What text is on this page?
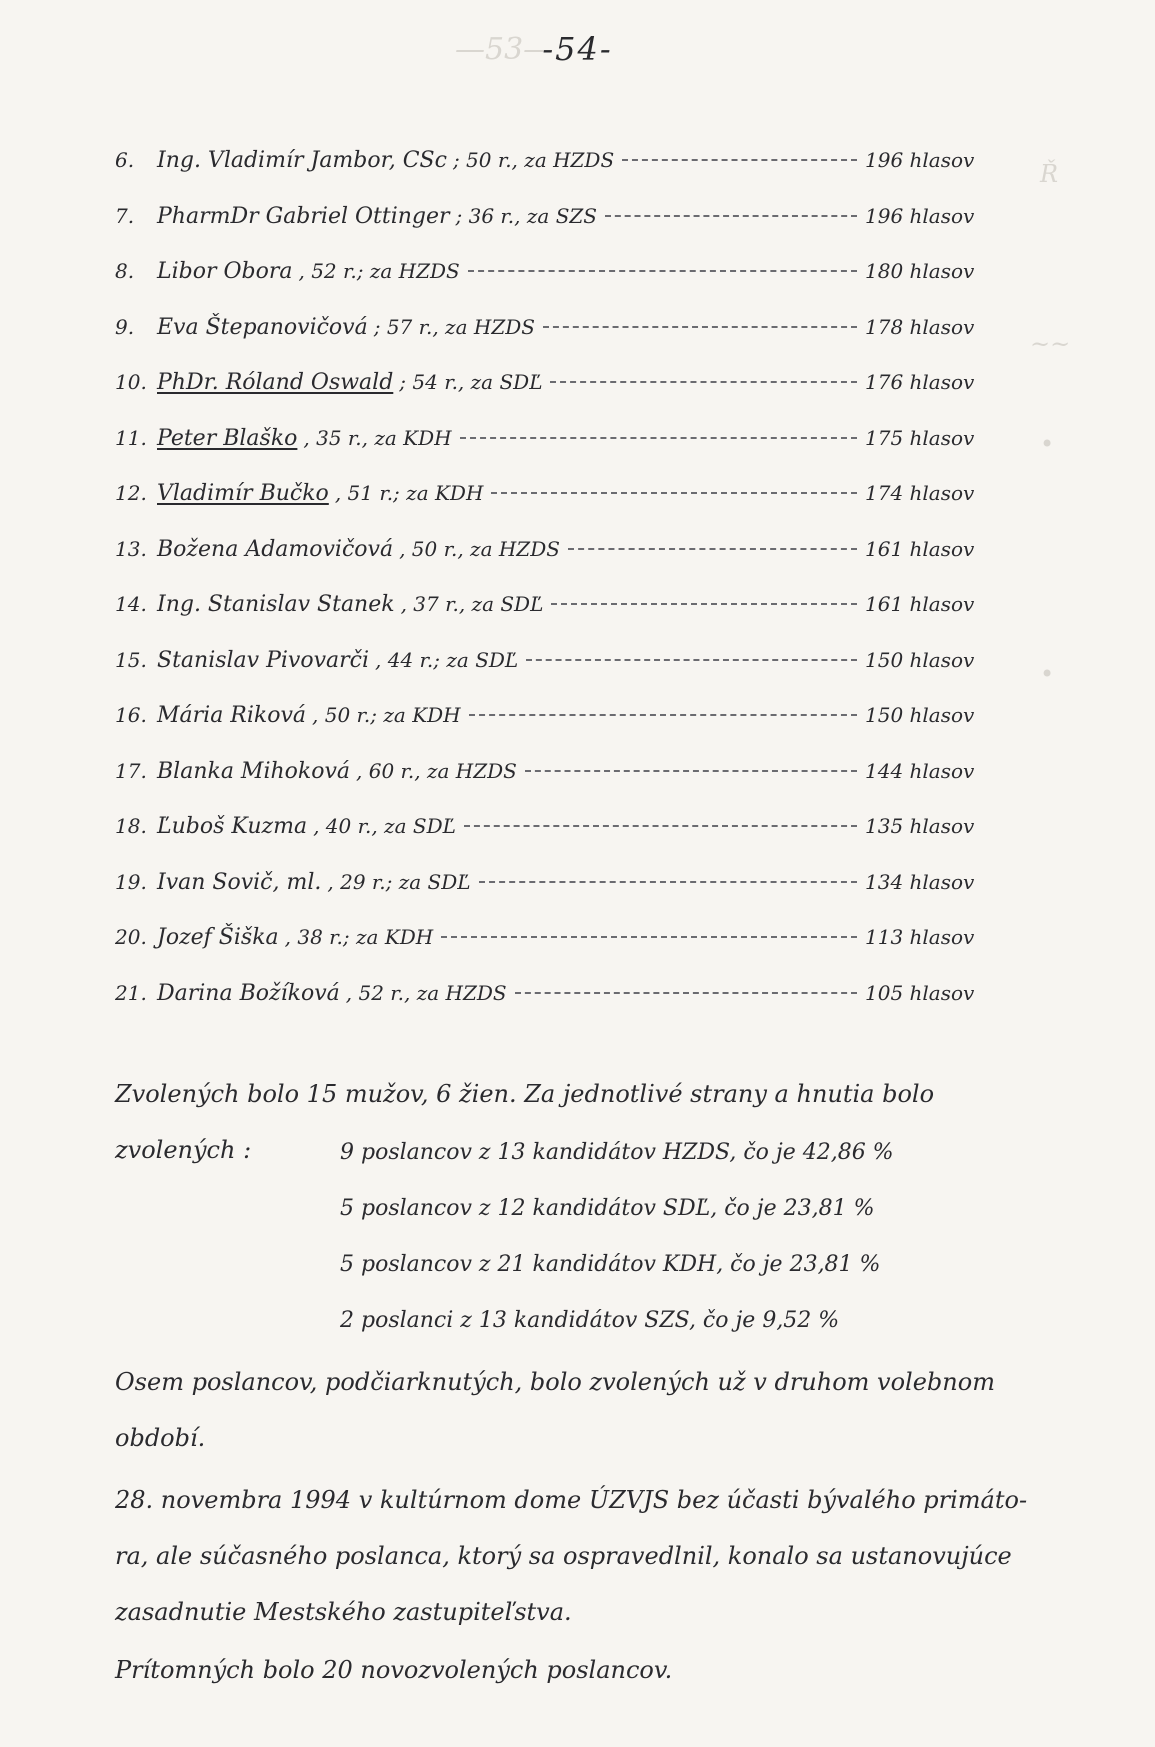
—53—
Ř
~~
•
•
-54-
6.	Ing. Vladimír Jambor, CSc ; 50 r., za HZDS	196 hlasov
7.	PharmDr Gabriel Ottinger ; 36 r., za SZS	196 hlasov
8.	Libor Obora , 52 r.; za HZDS	180 hlasov
9.	Eva Štepanovičová ; 57 r., za HZDS	178 hlasov
10. PhDr. Róland Oswald ; 54 r., za SDĽ	176 hlasov
11. Peter Blaško , 35 r., za KDH	175 hlasov
12. Vladimír Bučko , 51 r.; za KDH	174 hlasov
13. Božena Adamovičová , 50 r., za HZDS	161 hlasov
14. Ing. Stanislav Stanek , 37 r., za SDĽ	161 hlasov
15. Stanislav Pivovarči , 44 r.; za SDĽ	150 hlasov
16. Mária Riková , 50 r.; za KDH	150 hlasov
17. Blanka Mihoková , 60 r., za HZDS	144 hlasov
18. Ľuboš Kuzma , 40 r., za SDĽ	135 hlasov
19. Ivan Sovič, ml. , 29 r.; za SDĽ	134 hlasov
20. Jozef Šiška , 38 r.; za KDH	113 hlasov
21. Darina Božíková , 52 r., za HZDS	105 hlasov
Zvolených bolo 15 mužov, 6 žien. Za jednotlivé strany a hnutia bolo
zvolených :	9 poslancov z 13 kandidátov HZDS, čo je 42,86 %
5 poslancov z 12 kandidátov SDĽ, čo je 23,81 %
5 poslancov z 21 kandidátov KDH, čo je 23,81 %
2 poslanci z 13 kandidátov SZS, čo je 9,52 %
Osem poslancov, podčiarknutých, bolo zvolených už v druhom volebnom
období.
28. novembra 1994 v kultúrnom dome ÚZVJS bez účasti bývalého primáto-
ra, ale súčasného poslanca, ktorý sa ospravedlnil, konalo sa ustanovujúce
zasadnutie Mestského zastupiteľstva.
Prítomných bolo 20 novozvolených poslancov.
